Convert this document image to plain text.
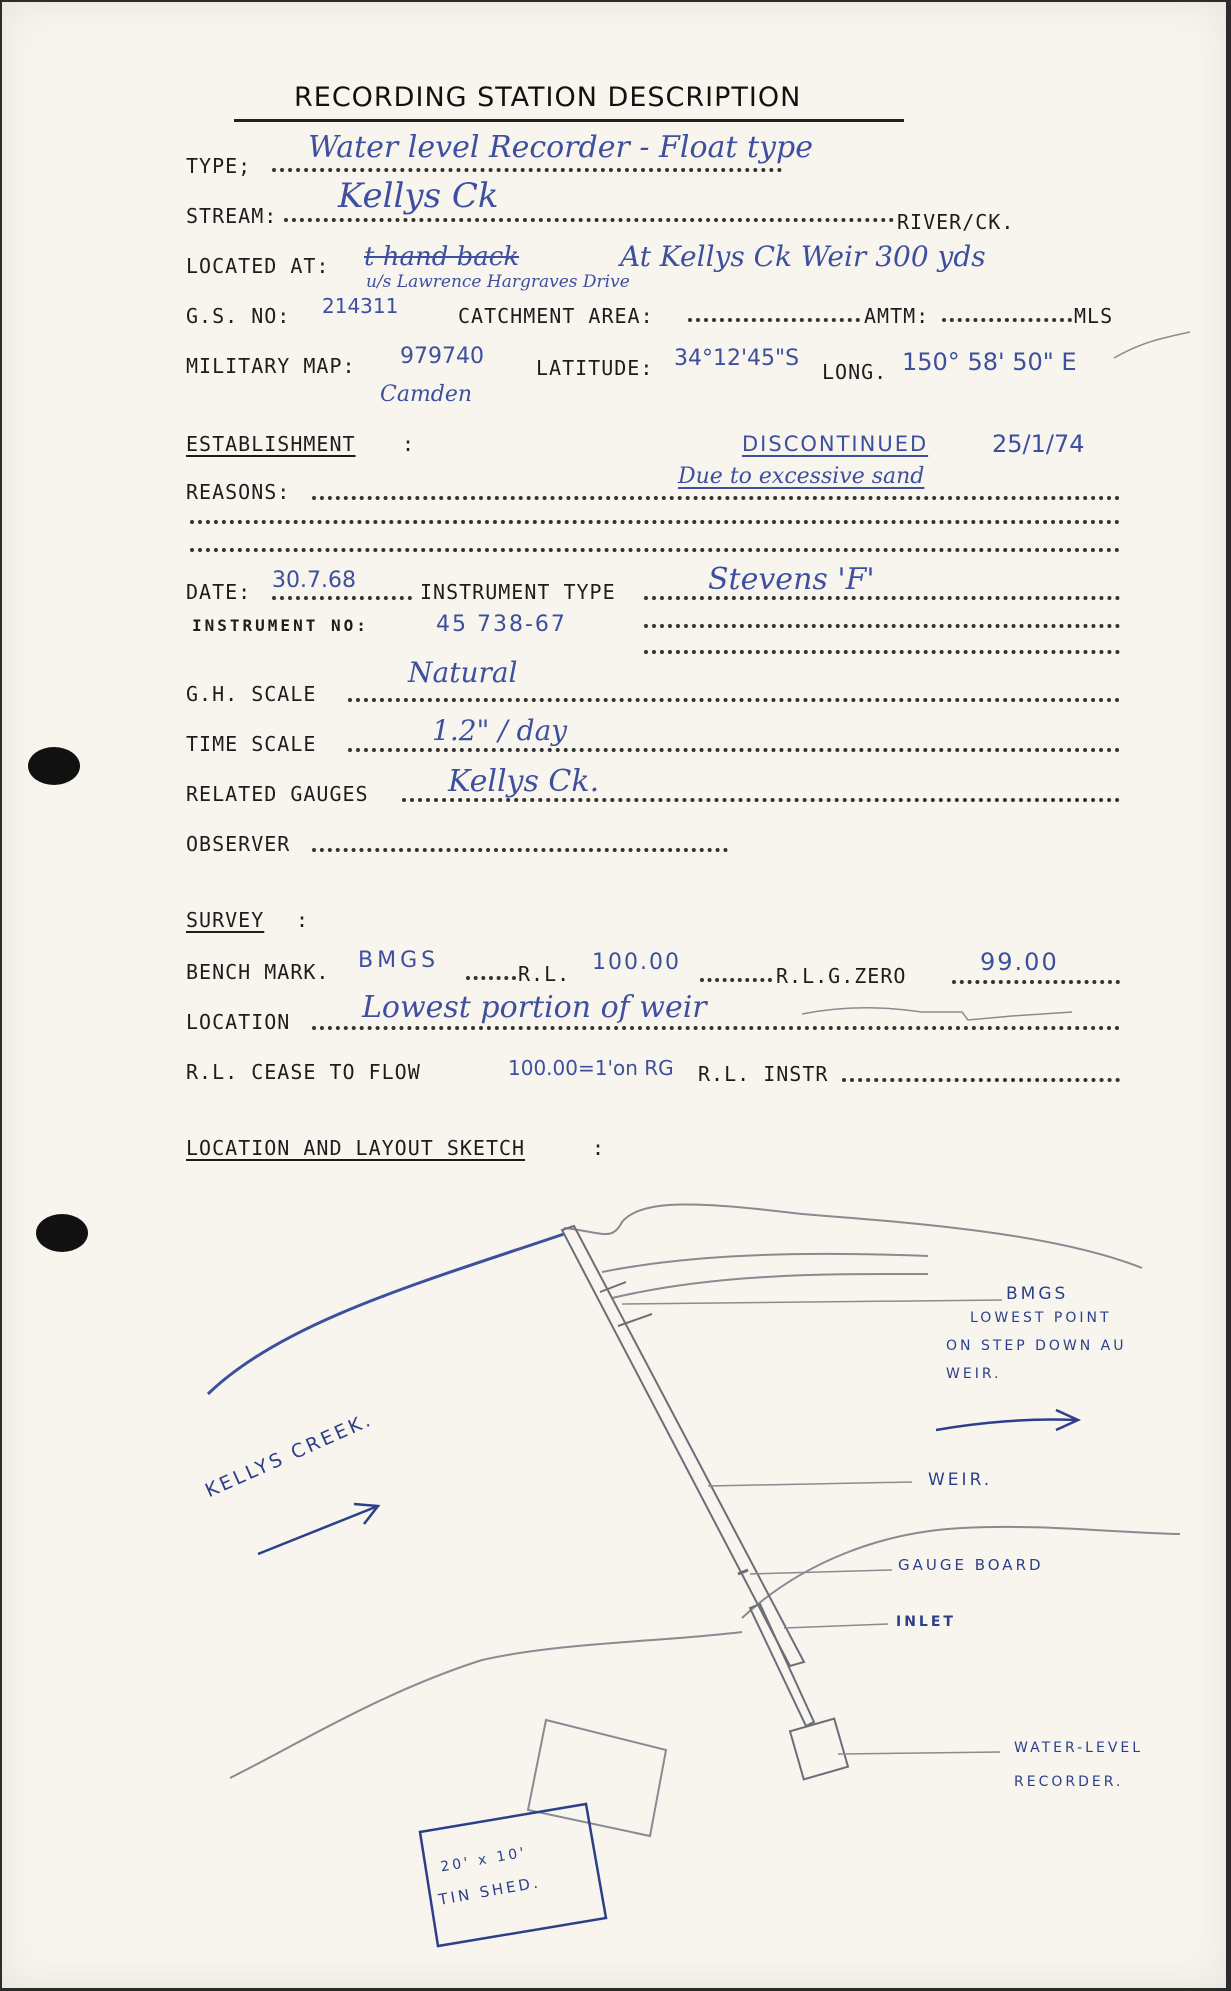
RECORDING STATION DESCRIPTION
TYPE;
Water level Recorder - Float type
STREAM: Kellys Ck
RIVER/CK.
LOCATED AT: t hand back	At Kellys Ck Weir 300 yds
u/s Lawrence Hargraves Drive
G.S. NO: 214311	CATCHMENT AREA:	AMTM:	MLS
MILITARY MAP: 979740	LATITUDE: 34°12'45"S
LONG. 150° 58' 50" E
Camden
ESTABLISHMENT :	DISCONTINUED	25/1/74
REASONS:
Due to excessive sand
DATE: 30.7.68	INSTRUMENT TYPE	Stevens 'F'
INSTRUMENT NO:	45 738-67
G.H. SCALE
Natural
TIME SCALE	1.2" / day
RELATED GAUGES	Kellys Ck.
OBSERVER
SURVEY :
BENCH MARK. BMGS
R.L. 100.00
R.L.G.ZERO	99.00
LOCATION Lowest portion of weir
R.L. CEASE TO FLOW	100.00=1'on RG R.L. INSTR
LOCATION AND LAYOUT SKETCH	:
BMGS
LOWEST POINT
ON STEP DOWN AU
WEIR.
WEIR.
GAUGE BOARD
INLET
WATER-LEVEL
RECORDER.
KELLYS CREEK.
20' x 10'
TIN SHED.
